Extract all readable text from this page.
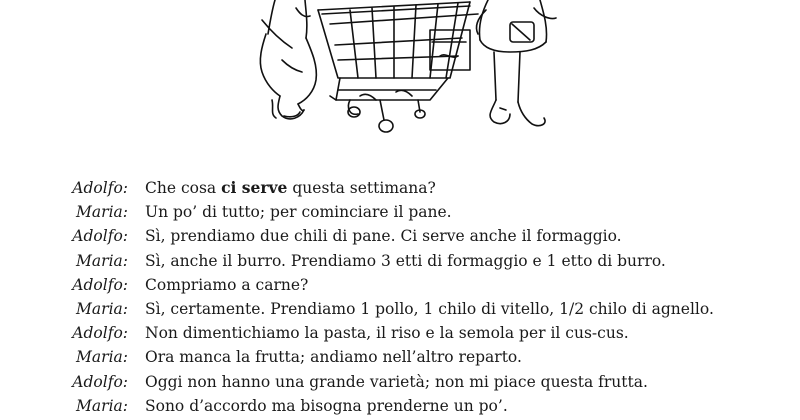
Adolfo: Che cosa ci serve questa settimana?
Maria: Un po’ di tutto; per cominciare il pane.
Adolfo: Sì, prendiamo due chili di pane. Ci serve anche il formaggio.
Maria: Sì, anche il burro. Prendiamo 3 etti di formaggio e 1 etto di burro.
Adolfo: Compriamo a carne?
Maria: Sì, certamente. Prendiamo 1 pollo, 1 chilo di vitello, 1/2 chilo di agnello.
Adolfo: Non dimentichiamo la pasta, il riso e la semola per il cus-cus.
Maria: Ora manca la frutta; andiamo nell’altro reparto.
Adolfo: Oggi non hanno una grande varietà; non mi piace questa frutta.
Maria: Sono d’accordo ma bisogna prenderne un po’.
